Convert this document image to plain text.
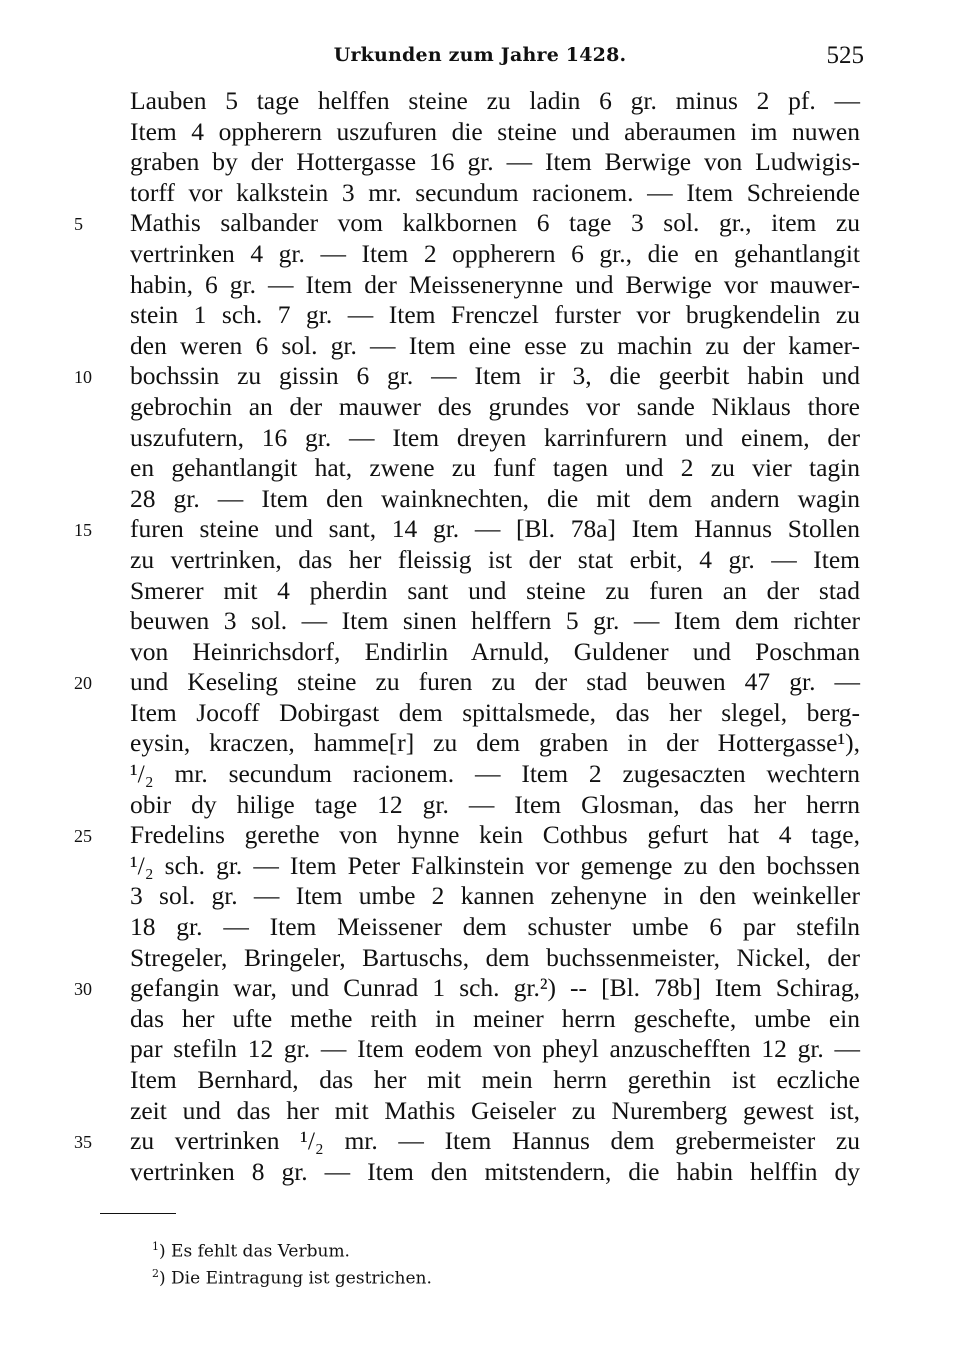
Urkunden zum Jahre 1428.	525
Lauben 5 tage helffen steine zu ladin 6 gr. minus 2 pf. —
Item 4 oppherern uszufuren die steine und aberaumen im nuwen
graben by der Hottergasse 16 gr. — Item Berwige von Ludwigis-
torff vor kalkstein 3 mr. secundum racionem. — Item Schreiende
Mathis salbander vom kalkbornen 6 tage 3 sol. gr., item zu
5
vertrinken 4 gr. — Item 2 oppherern 6 gr., die en gehantlangit
habin, 6 gr. — Item der Meissenerynne und Berwige vor mauwer-
stein 1 sch. 7 gr. — Item Frenczel furster vor brugkendelin zu
den weren 6 sol. gr. — Item eine esse zu machin zu der kamer-
bochssin zu gissin 6 gr. — Item ir 3, die geerbit habin und
10
gebrochin an der mauwer des grundes vor sande Niklaus thore
uszufutern, 16 gr. — Item dreyen karrinfurern und einem, der
en gehantlangit hat, zwene zu funf tagen und 2 zu vier tagin
28 gr. — Item den wainknechten, die mit dem andern wagin
furen steine und sant, 14 gr. — [Bl. 78a] Item Hannus Stollen
15
zu vertrinken, das her fleissig ist der stat erbit, 4 gr. — Item
Smerer mit 4 pherdin sant und steine zu furen an der stad
beuwen 3 sol. — Item sinen helffern 5 gr. — Item dem richter
von Heinrichsdorf, Endirlin Arnuld, Guldener und Poschman
und Keseling steine zu furen zu der stad beuwen 47 gr. —
20
Item Jocoff Dobirgast dem spittalsmede, das her slegel, berg-
eysin, kraczen, hamme[r] zu dem graben in der Hottergasse¹),
¹/₂ mr. secundum racionem. — Item 2 zugesaczten wechtern
obir dy hilige tage 12 gr. — Item Glosman, das her herrn
Fredelins gerethe von hynne kein Cothbus gefurt hat 4 tage,
25
¹/₂ sch. gr. — Item Peter Falkinstein vor gemenge zu den bochssen
3 sol. gr. — Item umbe 2 kannen zehenyne in den weinkeller
18 gr. — Item Meissener dem schuster umbe 6 par stefiln
Stregeler, Bringeler, Bartuschs, dem buchssenmeister, Nickel, der
gefangin war, und Cunrad 1 sch. gr.²) -- [Bl. 78b] Item Schirag,
30
das her ufte methe reith in meiner herrn geschefte, umbe ein
par stefiln 12 gr. — Item eodem von pheyl anzuschefften 12 gr. —
Item Bernhard, das her mit mein herrn gerethin ist eczliche
zeit und das her mit Mathis Geiseler zu Nuremberg gewest ist,
zu vertrinken ¹/₂ mr. — Item Hannus dem grebermeister zu
35
vertrinken 8 gr. — Item den mitstendern, die habin helffin dy
$^1$) Es fehlt das Verbum.
$^2$) Die Eintragung ist gestrichen.
